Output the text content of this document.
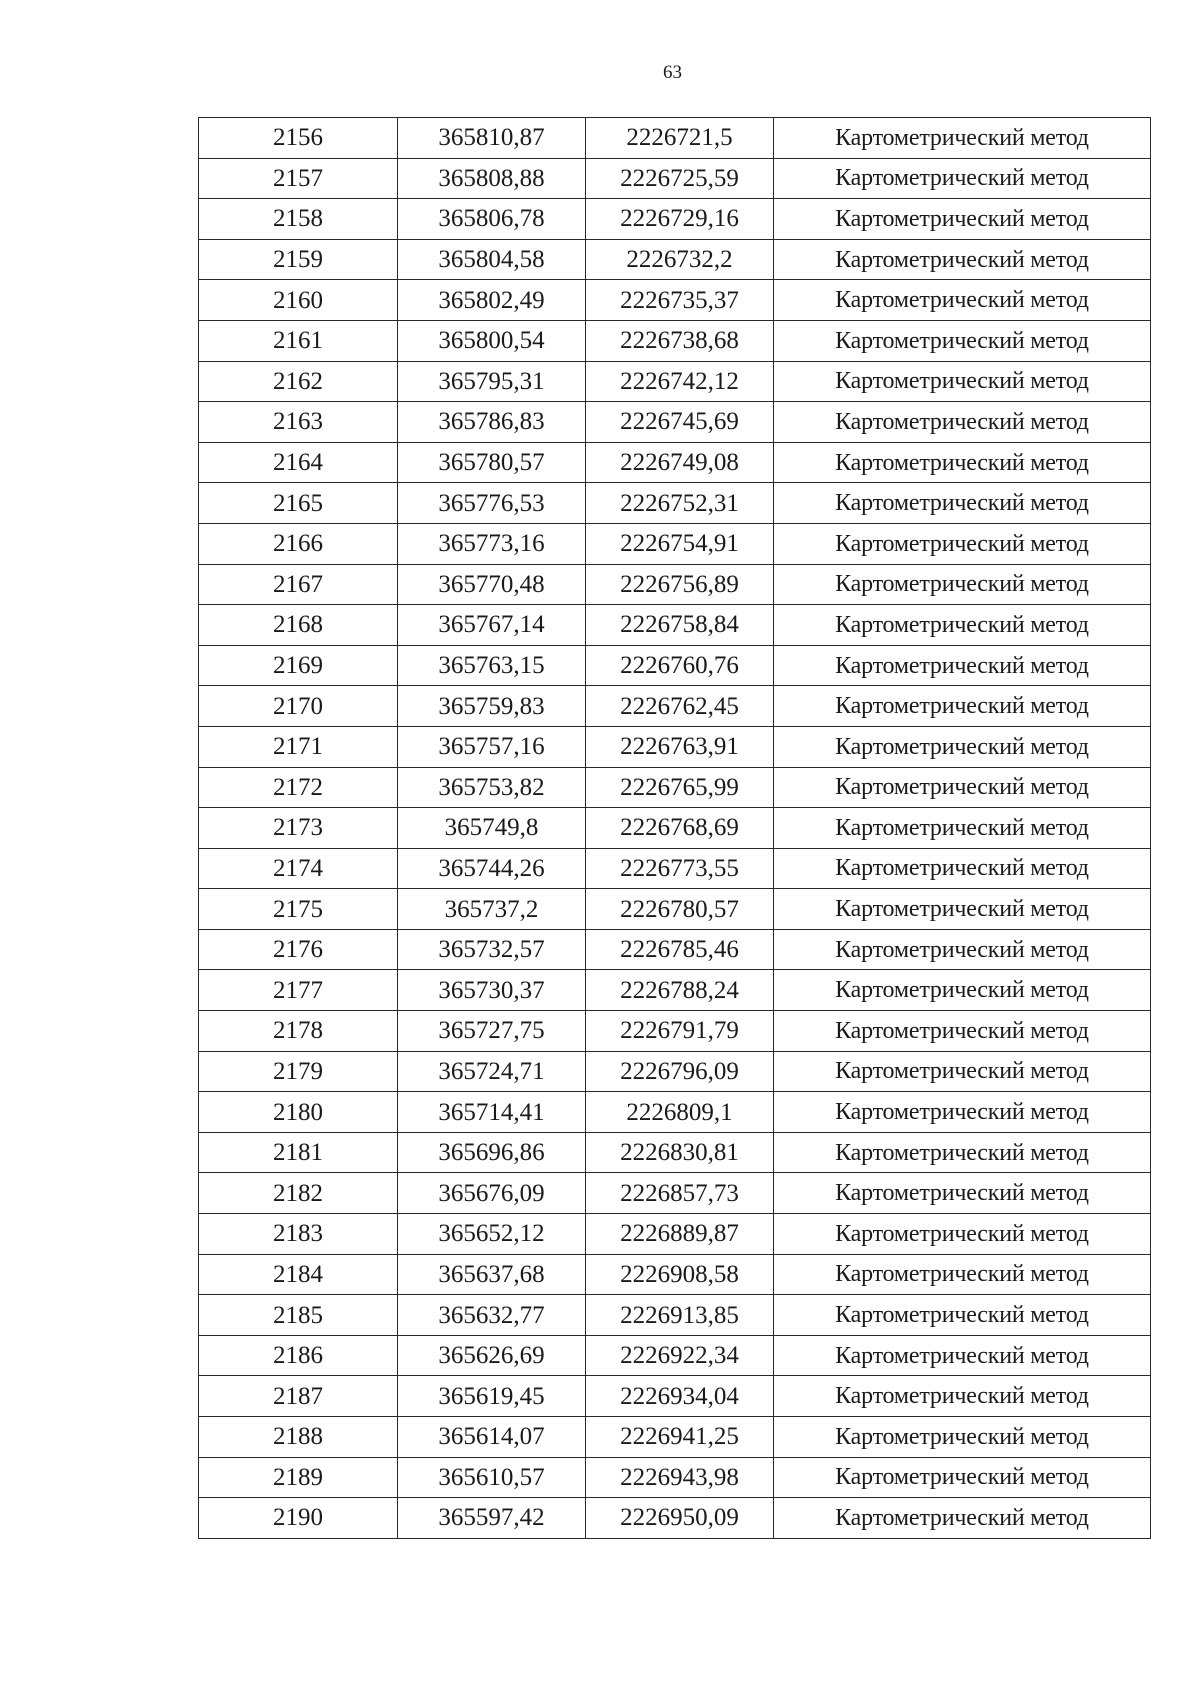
63
2156	365810,87	2226721,5	Картометрический метод
2157	365808,88	2226725,59	Картометрический метод
2158	365806,78	2226729,16	Картометрический метод
2159	365804,58	2226732,2	Картометрический метод
2160	365802,49	2226735,37	Картометрический метод
2161	365800,54	2226738,68	Картометрический метод
2162	365795,31	2226742,12	Картометрический метод
2163	365786,83	2226745,69	Картометрический метод
2164	365780,57	2226749,08	Картометрический метод
2165	365776,53	2226752,31	Картометрический метод
2166	365773,16	2226754,91	Картометрический метод
2167	365770,48	2226756,89	Картометрический метод
2168	365767,14	2226758,84	Картометрический метод
2169	365763,15	2226760,76	Картометрический метод
2170	365759,83	2226762,45	Картометрический метод
2171	365757,16	2226763,91	Картометрический метод
2172	365753,82	2226765,99	Картометрический метод
2173	365749,8	2226768,69	Картометрический метод
2174	365744,26	2226773,55	Картометрический метод
2175	365737,2	2226780,57	Картометрический метод
2176	365732,57	2226785,46	Картометрический метод
2177	365730,37	2226788,24	Картометрический метод
2178	365727,75	2226791,79	Картометрический метод
2179	365724,71	2226796,09	Картометрический метод
2180	365714,41	2226809,1	Картометрический метод
2181	365696,86	2226830,81	Картометрический метод
2182	365676,09	2226857,73	Картометрический метод
2183	365652,12	2226889,87	Картометрический метод
2184	365637,68	2226908,58	Картометрический метод
2185	365632,77	2226913,85	Картометрический метод
2186	365626,69	2226922,34	Картометрический метод
2187	365619,45	2226934,04	Картометрический метод
2188	365614,07	2226941,25	Картометрический метод
2189	365610,57	2226943,98	Картометрический метод
2190	365597,42	2226950,09	Картометрический метод
